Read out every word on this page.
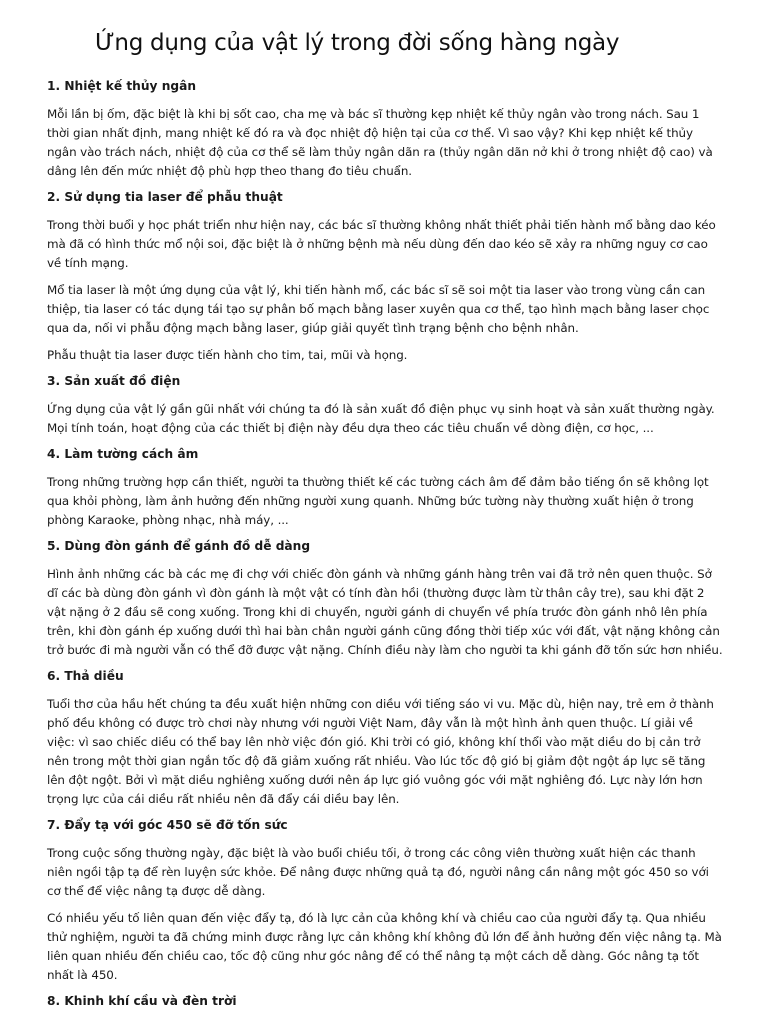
Ứng dụng của vật lý trong đời sống hàng ngày
1. Nhiệt kế thủy ngân

Mỗi lần bị ốm, đặc biệt là khi bị sốt cao, cha mẹ và bác sĩ thường kẹp nhiệt kế thủy ngân vào trong nách. Sau 1 thời gian nhất định, mang nhiệt kế đó ra và đọc nhiệt độ hiện tại của cơ thể. Vì sao vậy? Khi kẹp nhiệt kế thủy ngân vào trách nách, nhiệt độ của cơ thể sẽ làm thủy ngân dãn ra (thủy ngân dãn nở khi ở trong nhiệt độ cao) và dâng lên đến mức nhiệt độ phù hợp theo thang đo tiêu chuẩn.

2. Sử dụng tia laser để phẫu thuật

Trong thời buổi y học phát triển như hiện nay, các bác sĩ thường không nhất thiết phải tiến hành mổ bằng dao kéo mà đã có hình thức mổ nội soi, đặc biệt là ở những bệnh mà nếu dùng đến dao kéo sẽ xảy ra những nguy cơ cao về tính mạng.

Mổ tia laser là một ứng dụng của vật lý, khi tiến hành mổ, các bác sĩ sẽ soi một tia laser vào trong vùng cần can thiệp, tia laser có tác dụng tái tạo sự phân bố mạch bằng laser xuyên qua cơ thể, tạo hình mạch bằng laser chọc qua da, nối vi phẫu động mạch bằng laser, giúp giải quyết tình trạng bệnh cho bệnh nhân.

Phẫu thuật tia laser được tiến hành cho tim, tai, mũi và họng.

3. Sản xuất đồ điện

Ứng dụng của vật lý gần gũi nhất với chúng ta đó là sản xuất đồ điện phục vụ sinh hoạt và sản xuất thường ngày. Mọi tính toán, hoạt động của các thiết bị điện này đều dựa theo các tiêu chuẩn về dòng điện, cơ học, ...

4. Làm tường cách âm

Trong những trường hợp cần thiết, người ta thường thiết kế các tường cách âm để đảm bảo tiếng ồn sẽ không lọt qua khỏi phòng, làm ảnh hưởng đến những người xung quanh. Những bức tường này thường xuất hiện ở trong phòng Karaoke, phòng nhạc, nhà máy, ...

5. Dùng đòn gánh để gánh đồ dễ dàng

Hình ảnh những các bà các mẹ đi chợ với chiếc đòn gánh và những gánh hàng trên vai đã trở nên quen thuộc. Sở dĩ các bà dùng đòn gánh vì đòn gánh là một vật có tính đàn hồi (thường được làm từ thân cây tre), sau khi đặt 2 vật nặng ở 2 đầu sẽ cong xuống. Trong khi di chuyển, người gánh di chuyển về phía trước đòn gánh nhô lên phía trên, khi đòn gánh ép xuống dưới thì hai bàn chân người gánh cũng đồng thời tiếp xúc với đất, vật nặng không cản trở bước đi mà người vẫn có thể đỡ được vật nặng. Chính điều này làm cho người ta khi gánh đỡ tốn sức hơn nhiều.

6. Thả diều

Tuổi thơ của hầu hết chúng ta đều xuất hiện những con diều với tiếng sáo vi vu. Mặc dù, hiện nay, trẻ em ở thành phố đều không có được trò chơi này nhưng với người Việt Nam, đây vẫn là một hình ảnh quen thuộc. Lí giải về việc: vì sao chiếc diều có thể bay lên nhờ việc đón gió. Khi trời có gió, không khí thổi vào mặt diều do bị cản trở nên trong một thời gian ngắn tốc độ đã giảm xuống rất nhiều. Vào lúc tốc độ gió bị giảm đột ngột áp lực sẽ tăng lên đột ngột. Bởi vì mặt diều nghiêng xuống dưới nên áp lực gió vuông góc với mặt nghiêng đó. Lực này lớn hơn trọng lực của cái diều rất nhiều nên đã đẩy cái diều bay lên.

7. Đẩy tạ với góc 450 sẽ đỡ tốn sức

Trong cuộc sống thường ngày, đặc biệt là vào buổi chiều tối, ở trong các công viên thường xuất hiện các thanh niên ngồi tập tạ để rèn luyện sức khỏe. Để nâng được những quả tạ đó, người nâng cần nâng một góc 450 so với cơ thể để việc nâng tạ được dễ dàng.

Có nhiều yếu tố liên quan đến việc đẩy tạ, đó là lực cản của không khí và chiều cao của người đẩy tạ. Qua nhiều thử nghiệm, người ta đã chứng minh được rằng lực cản không khí không đủ lớn để ảnh hưởng đến việc nâng tạ. Mà liên quan nhiều đến chiều cao, tốc độ cũng như góc nâng để có thể nâng tạ một cách dễ dàng. Góc nâng tạ tốt nhất là 450.

8. Khinh khí cầu và đèn trời
